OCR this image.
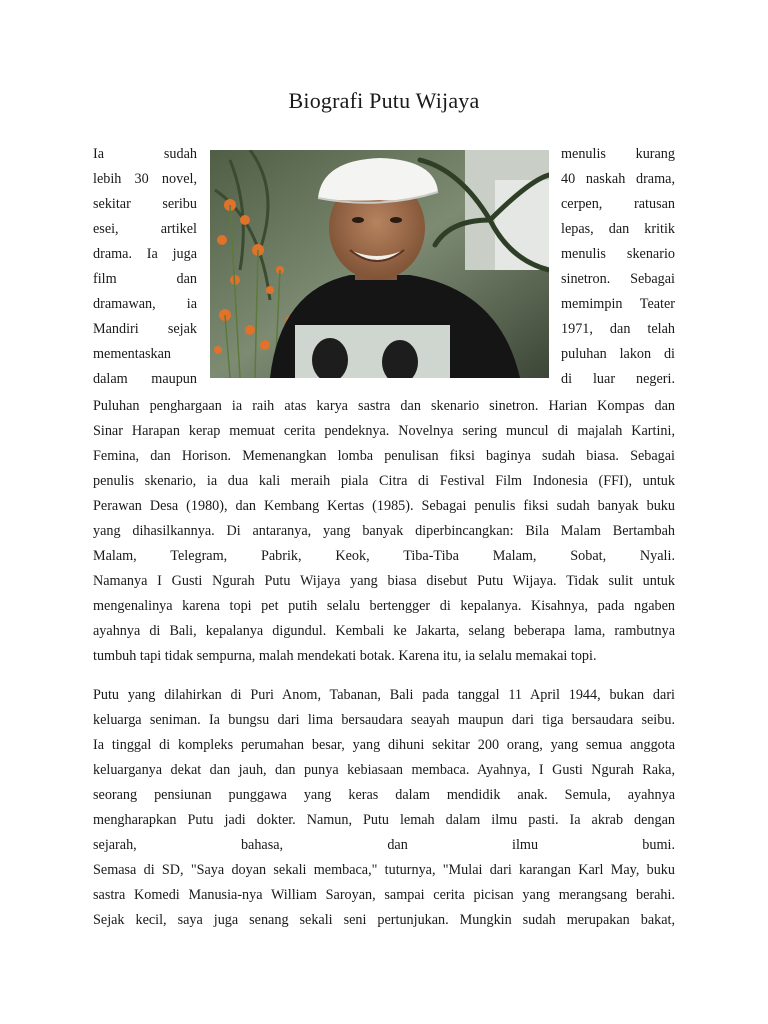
Biografi Putu Wijaya
Ia sudah
lebih 30 novel,
sekitar seribu
esei, artikel
drama. Ia juga
film dan
dramawan, ia
Mandiri sejak
mementaskan
dalam maupun
menulis kurang
40 naskah drama,
cerpen, ratusan
lepas, dan kritik
menulis skenario
sinetron. Sebagai
memimpin Teater
1971, dan telah
puluhan lakon di
di luar negeri.
Puluhan penghargaan ia raih atas karya sastra dan skenario sinetron. Harian Kompas dan
Sinar Harapan kerap memuat cerita pendeknya. Novelnya sering muncul di majalah Kartini,
Femina, dan Horison. Memenangkan lomba penulisan fiksi baginya sudah biasa. Sebagai
penulis skenario, ia dua kali meraih piala Citra di Festival Film Indonesia (FFI), untuk
Perawan Desa (1980), dan Kembang Kertas (1985). Sebagai penulis fiksi sudah banyak buku
yang dihasilkannya. Di antaranya, yang banyak diperbincangkan: Bila Malam Bertambah
Malam, Telegram, Pabrik, Keok, Tiba-Tiba Malam, Sobat, Nyali.
Namanya I Gusti Ngurah Putu Wijaya yang biasa disebut Putu Wijaya. Tidak sulit untuk
mengenalinya karena topi pet putih selalu bertengger di kepalanya. Kisahnya, pada ngaben
ayahnya di Bali, kepalanya digundul. Kembali ke Jakarta, selang beberapa lama, rambutnya
tumbuh tapi tidak sempurna, malah mendekati botak. Karena itu, ia selalu memakai topi.
Putu yang dilahirkan di Puri Anom, Tabanan, Bali pada tanggal 11 April 1944, bukan dari
keluarga seniman. Ia bungsu dari lima bersaudara seayah maupun dari tiga bersaudara seibu.
Ia tinggal di kompleks perumahan besar, yang dihuni sekitar 200 orang, yang semua anggota
keluarganya dekat dan jauh, dan punya kebiasaan membaca. Ayahnya, I Gusti Ngurah Raka,
seorang pensiunan punggawa yang keras dalam mendidik anak. Semula, ayahnya
mengharapkan Putu jadi dokter. Namun, Putu lemah dalam ilmu pasti. Ia akrab dengan
sejarah, bahasa, dan ilmu bumi.
Semasa di SD, "Saya doyan sekali membaca," tuturnya, "Mulai dari karangan Karl May, buku
sastra Komedi Manusia-nya William Saroyan, sampai cerita picisan yang merangsang berahi.
Sejak kecil, saya juga senang sekali seni pertunjukan. Mungkin sudah merupakan bakat,
